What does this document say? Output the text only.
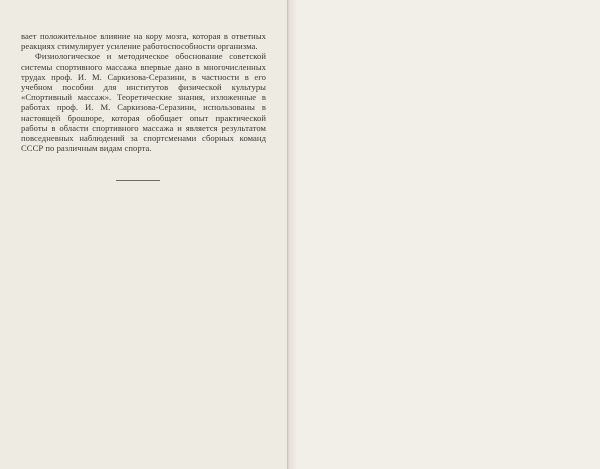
вает положительное влияние на кору мозга, которая в ответных реакциях стимулирует усиление работоспособности организма.

Физиологическое и методическое обоснование советской системы спортивного массажа впервые дано в многочисленных трудах проф. И. М. Саркизова-Серазини, в частности в его учебном пособии для институтов физической культуры «Спортивный массаж». Теоретические знания, изложенные в работах проф. И. М. Саркизова-Серазини, использованы в настоящей брошюре, которая обобщает опыт практической работы в области спортивного массажа и является результатом повседневных наблюдений за спортсменами сборных команд СССР по различным видам спорта.
